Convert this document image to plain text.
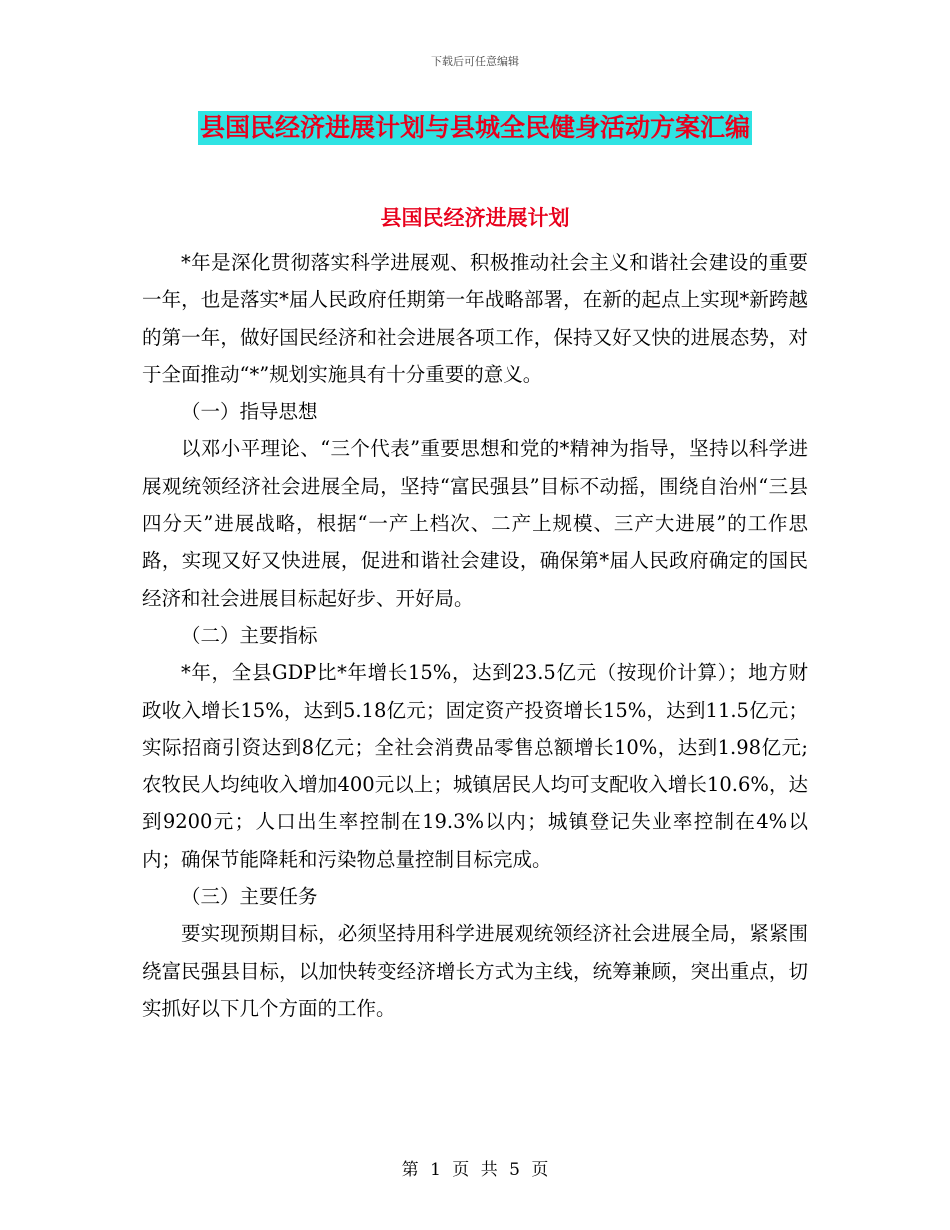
下载后可任意编辑
县国民经济进展计划与县城全民健身活动方案汇编
县国民经济进展计划

*年是深化贯彻落实科学进展观、积极推动社会主义和谐社会建设的重要一年，也是落实*届人民政府任期第一年战略部署，在新的起点上实现*新跨越的第一年，做好国民经济和社会进展各项工作，保持又好又快的进展态势，对于全面推动“*”规划实施具有十分重要的意义。

（一）指导思想

以邓小平理论、“三个代表”重要思想和党的*精神为指导，坚持以科学进展观统领经济社会进展全局，坚持“富民强县”目标不动摇，围绕自治州“三县四分天”进展战略，根据“一产上档次、二产上规模、三产大进展”的工作思路，实现又好又快进展，促进和谐社会建设，确保第*届人民政府确定的国民经济和社会进展目标起好步、开好局。

（二）主要指标

*年，全县GDP比*年增长15%，达到23.5亿元（按现价计算）；地方财政收入增长15%，达到5.18亿元；固定资产投资增长15%，达到11.5亿元；实际招商引资达到8亿元；全社会消费品零售总额增长10%，达到1.98亿元;农牧民人均纯收入增加400元以上；城镇居民人均可支配收入增长10.6%，达到9200元；人口出生率控制在19.3%以内；城镇登记失业率控制在4%以内；确保节能降耗和污染物总量控制目标完成。

（三）主要任务

要实现预期目标，必须坚持用科学进展观统领经济社会进展全局，紧紧围绕富民强县目标，以加快转变经济增长方式为主线，统筹兼顾，突出重点，切实抓好以下几个方面的工作。

第 1 页 共 5 页
